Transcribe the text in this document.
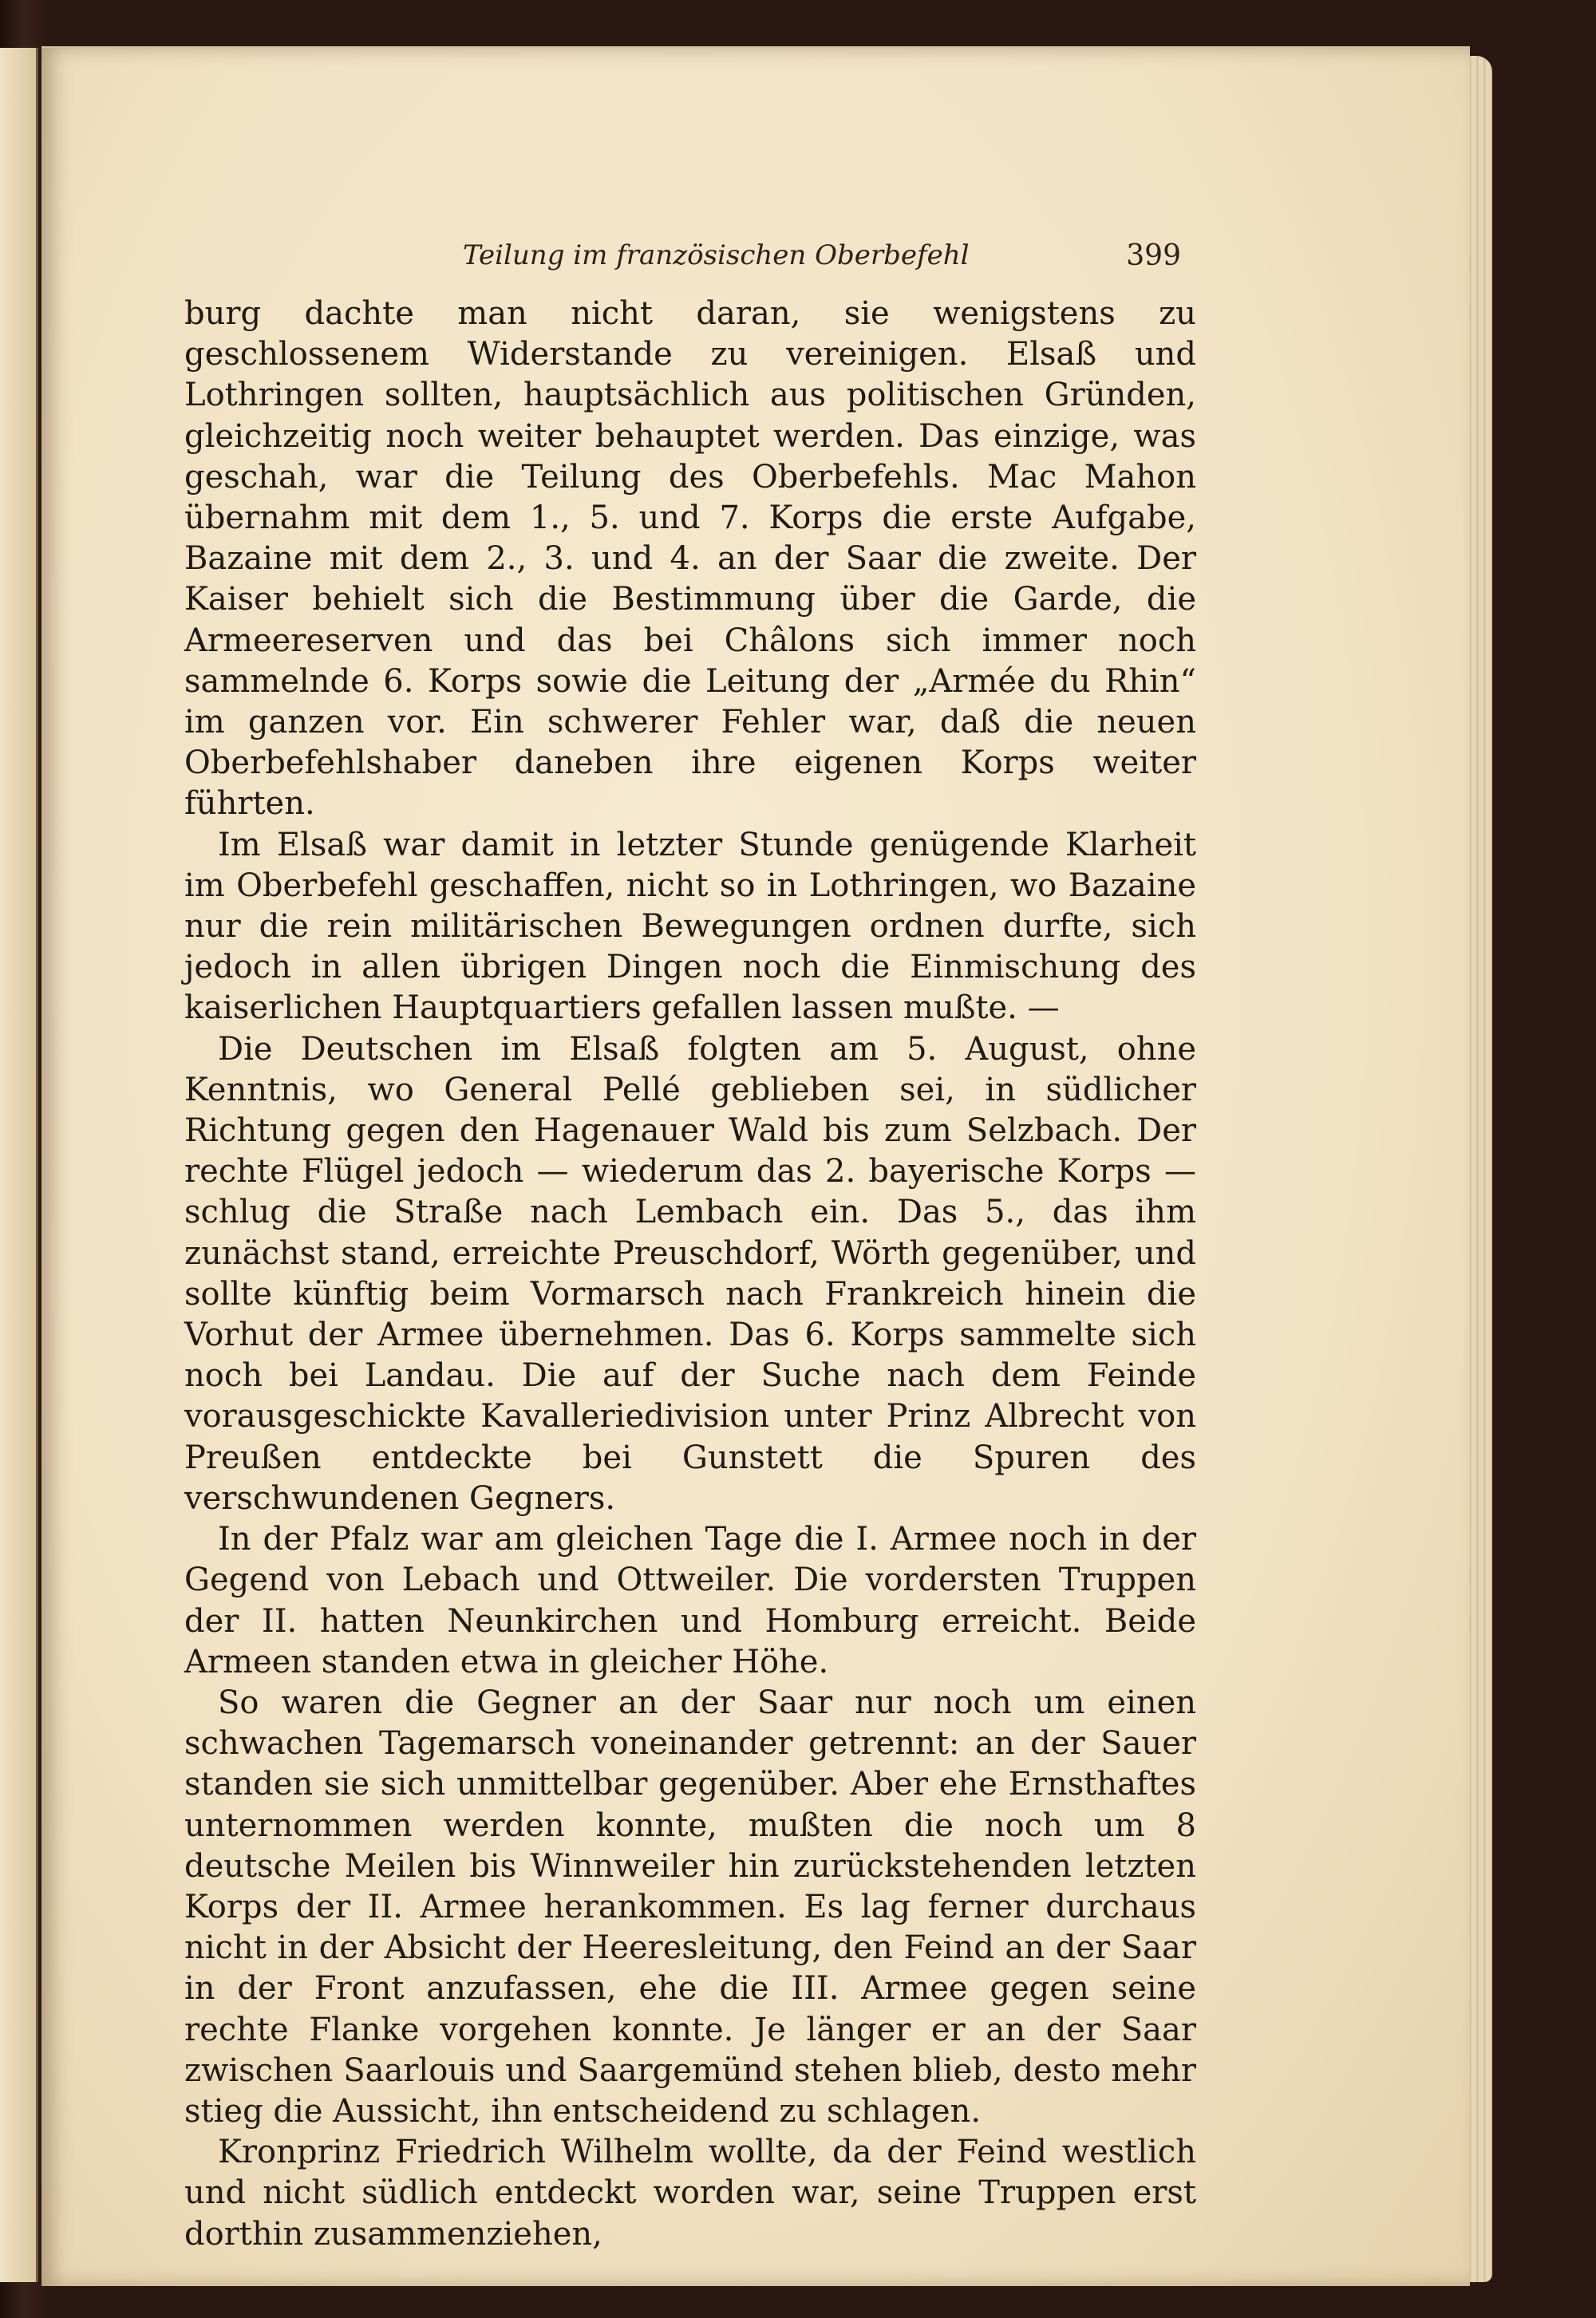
Teilung im französischen Oberbefehl	399

burg dachte man nicht daran, sie wenigstens zu geschlossenem Widerstande zu vereinigen. Elsaß und Lothringen sollten, hauptsächlich aus politischen Gründen, gleichzeitig noch weiter behauptet werden. Das einzige, was geschah, war die Teilung des Oberbefehls. Mac Mahon übernahm mit dem 1., 5. und 7. Korps die erste Aufgabe, Bazaine mit dem 2., 3. und 4. an der Saar die zweite. Der Kaiser behielt sich die Bestimmung über die Garde, die Armeereserven und das bei Châlons sich immer noch sammelnde 6. Korps sowie die Leitung der „Armée du Rhin“ im ganzen vor. Ein schwerer Fehler war, daß die neuen Oberbefehlshaber daneben ihre eigenen Korps weiter führten.

Im Elsaß war damit in letzter Stunde genügende Klarheit im Oberbefehl geschaffen, nicht so in Lothringen, wo Bazaine nur die rein militärischen Bewegungen ordnen durfte, sich jedoch in allen übrigen Dingen noch die Einmischung des kaiserlichen Hauptquartiers gefallen lassen mußte. —

Die Deutschen im Elsaß folgten am 5. August, ohne Kenntnis, wo General Pellé geblieben sei, in südlicher Richtung gegen den Hagenauer Wald bis zum Selzbach. Der rechte Flügel jedoch — wiederum das 2. bayerische Korps — schlug die Straße nach Lembach ein. Das 5., das ihm zunächst stand, erreichte Preuschdorf, Wörth gegenüber, und sollte künftig beim Vormarsch nach Frankreich hinein die Vorhut der Armee übernehmen. Das 6. Korps sammelte sich noch bei Landau. Die auf der Suche nach dem Feinde vorausgeschickte Kavalleriedivision unter Prinz Albrecht von Preußen entdeckte bei Gunstett die Spuren des verschwundenen Gegners.

In der Pfalz war am gleichen Tage die I. Armee noch in der Gegend von Lebach und Ottweiler. Die vordersten Truppen der II. hatten Neunkirchen und Homburg erreicht. Beide Armeen standen etwa in gleicher Höhe.

So waren die Gegner an der Saar nur noch um einen schwachen Tagemarsch voneinander getrennt: an der Sauer standen sie sich unmittelbar gegenüber. Aber ehe Ernsthaftes unternommen werden konnte, mußten die noch um 8 deutsche Meilen bis Winnweiler hin zurückstehenden letzten Korps der II. Armee herankommen. Es lag ferner durchaus nicht in der Absicht der Heeresleitung, den Feind an der Saar in der Front anzufassen, ehe die III. Armee gegen seine rechte Flanke vorgehen konnte. Je länger er an der Saar zwischen Saarlouis und Saargemünd stehen blieb, desto mehr stieg die Aussicht, ihn entscheidend zu schlagen.

Kronprinz Friedrich Wilhelm wollte, da der Feind westlich und nicht südlich entdeckt worden war, seine Truppen erst dorthin zusammenziehen,
